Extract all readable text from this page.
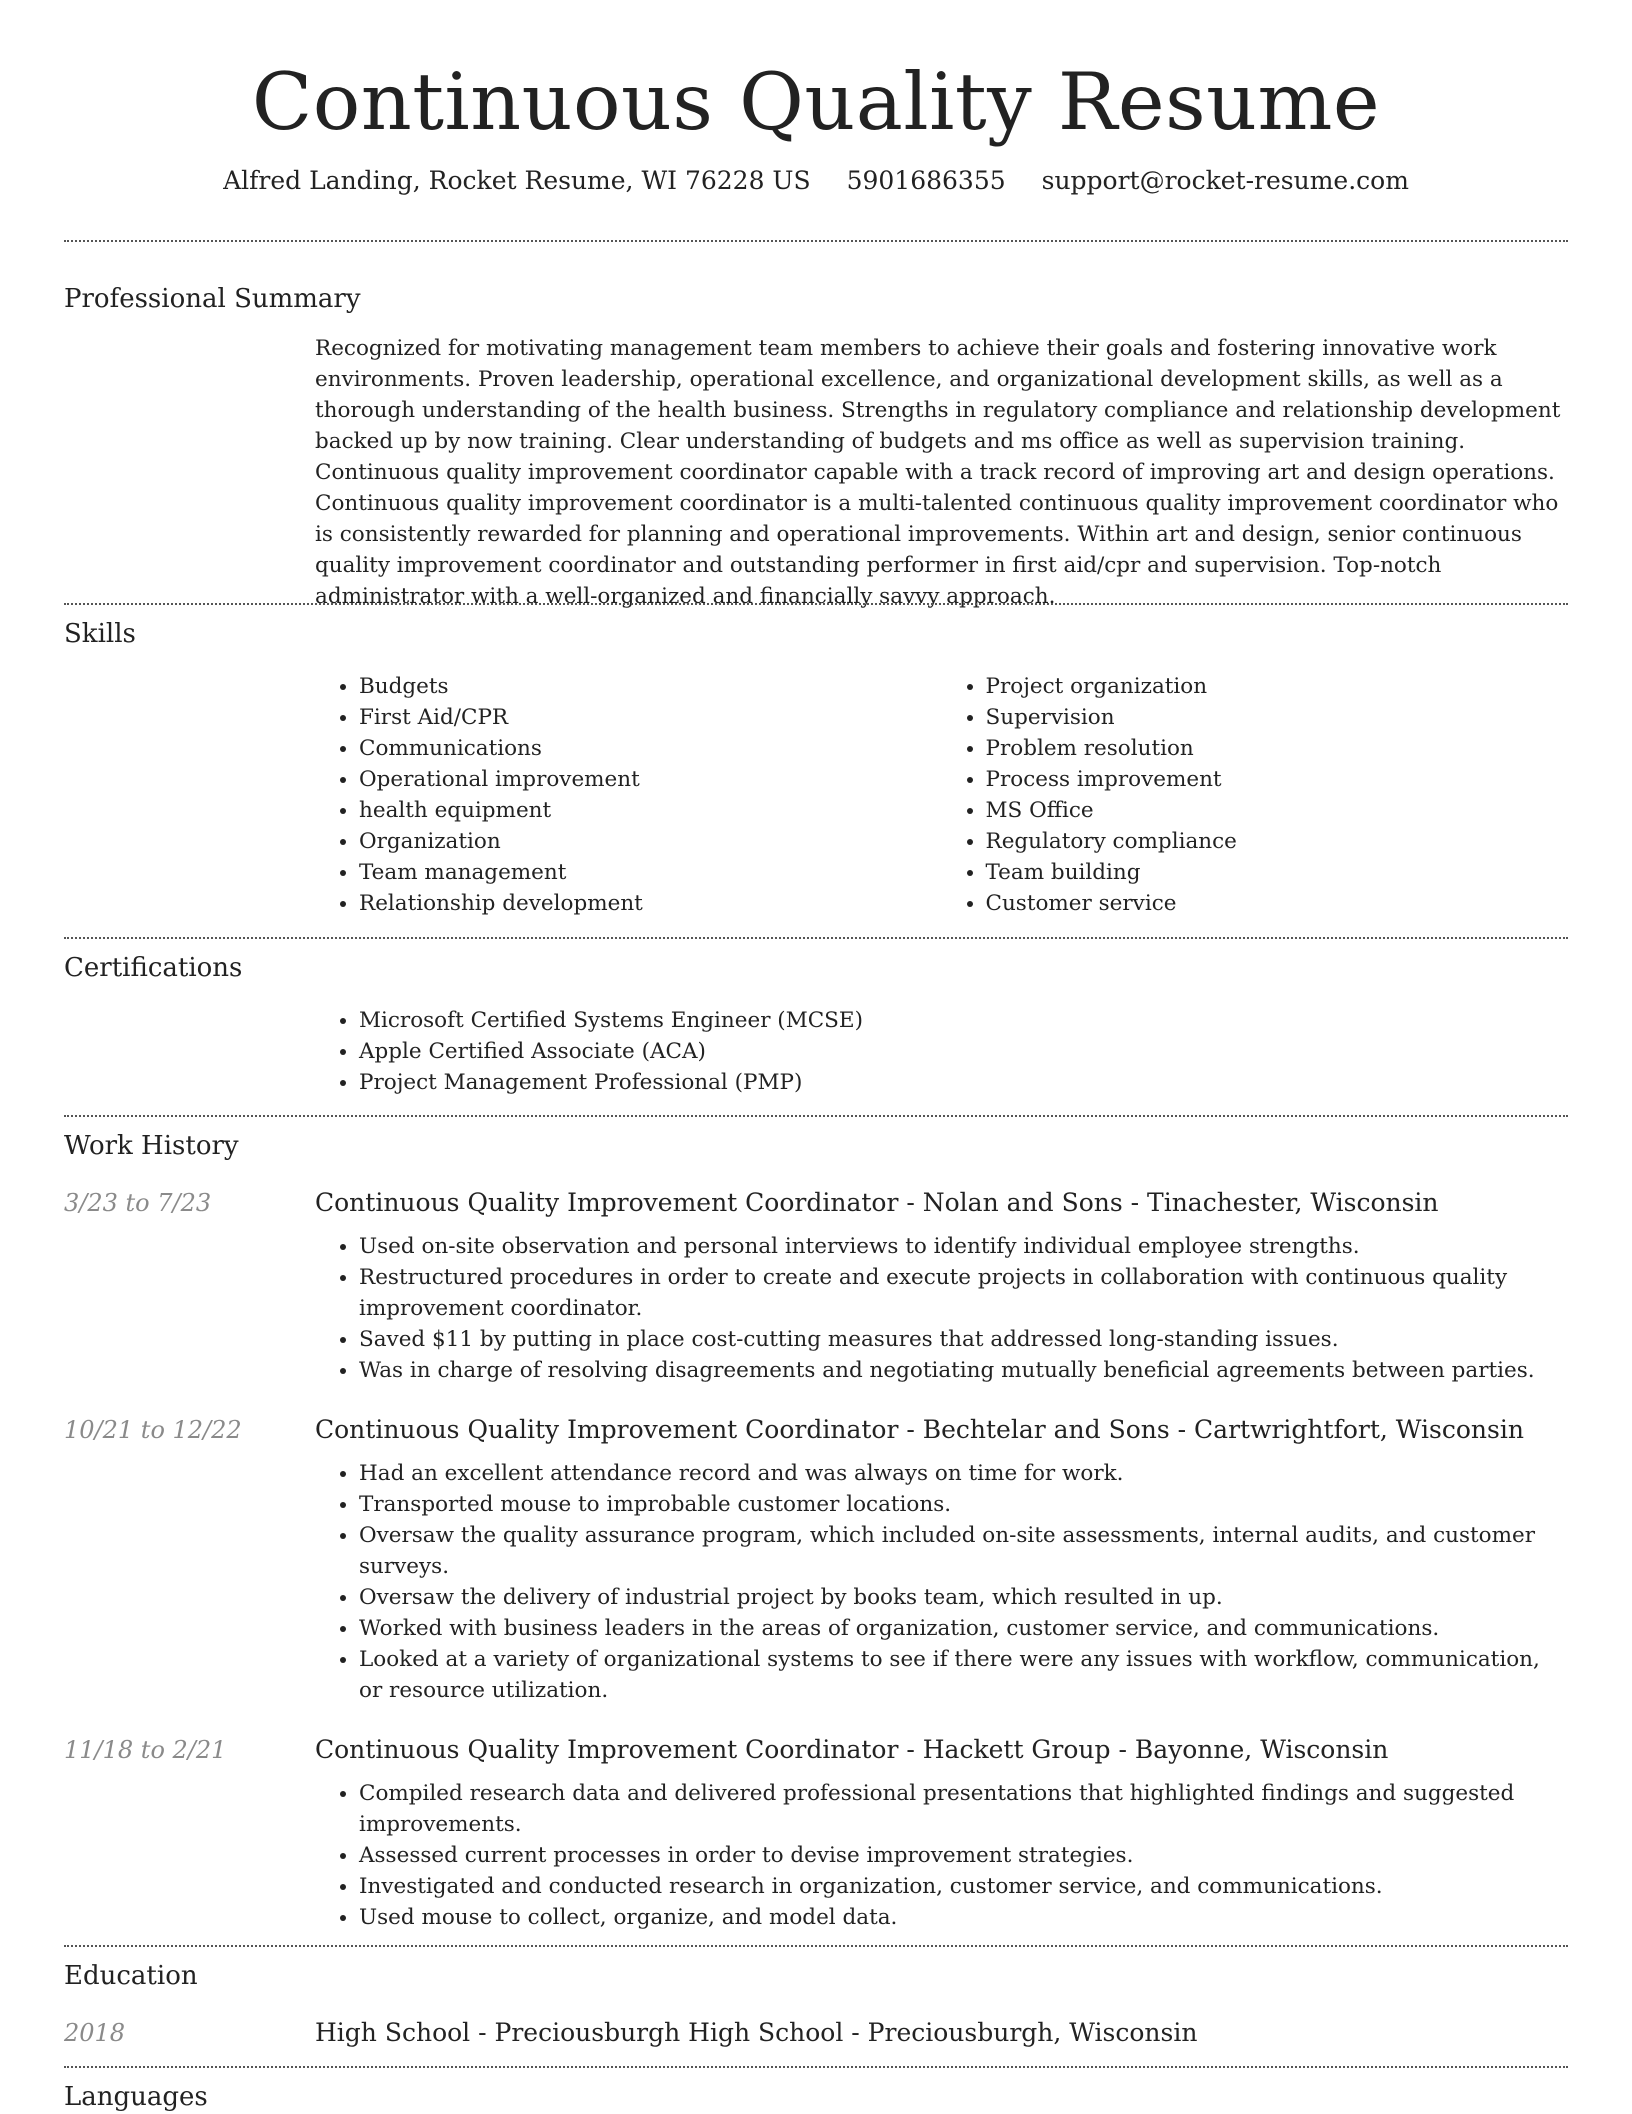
Continuous Quality Resume
Alfred Landing, Rocket Resume, WI 76228 US 5901686355 support@rocket-resume.com
Professional Summary

Recognized for motivating management team members to achieve their goals and fostering innovative work environments. Proven leadership, operational excellence, and organizational development skills, as well as a thorough understanding of the health business. Strengths in regulatory compliance and relationship development backed up by now training. Clear understanding of budgets and ms office as well as supervision training. Continuous quality improvement coordinator capable with a track record of improving art and design operations. Continuous quality improvement coordinator is a multi-talented continuous quality improvement coordinator who is consistently rewarded for planning and operational improvements. Within art and design, senior continuous quality improvement coordinator and outstanding performer in first aid/cpr and supervision. Top-notch administrator with a well-organized and financially savvy approach.

Skills
• Budgets
• First Aid/CPR
• Communications
• Operational improvement
• health equipment
• Organization
• Team management
• Relationship development
• Project organization
• Supervision
• Problem resolution
• Process improvement
• MS Office
• Regulatory compliance
• Team building
• Customer service
Certifications
• Microsoft Certified Systems Engineer (MCSE)
• Apple Certified Associate (ACA)
• Project Management Professional (PMP)
Work History
3/23 to 7/23	Continuous Quality Improvement Coordinator - Nolan and Sons - Tinachester, Wisconsin
• Used on-site observation and personal interviews to identify individual employee strengths.
• Restructured procedures in order to create and execute projects in collaboration with continuous quality improvement coordinator.
• Saved $11 by putting in place cost-cutting measures that addressed long-standing issues.
• Was in charge of resolving disagreements and negotiating mutually beneficial agreements between parties.
10/21 to 12/22	Continuous Quality Improvement Coordinator - Bechtelar and Sons - Cartwrightfort, Wisconsin
• Had an excellent attendance record and was always on time for work.
• Transported mouse to improbable customer locations.
• Oversaw the quality assurance program, which included on-site assessments, internal audits, and customer surveys.
• Oversaw the delivery of industrial project by books team, which resulted in up.
• Worked with business leaders in the areas of organization, customer service, and communications.
• Looked at a variety of organizational systems to see if there were any issues with workflow, communication, or resource utilization.
11/18 to 2/21	Continuous Quality Improvement Coordinator - Hackett Group - Bayonne, Wisconsin
• Compiled research data and delivered professional presentations that highlighted findings and suggested improvements.
• Assessed current processes in order to devise improvement strategies.
• Investigated and conducted research in organization, customer service, and communications.
• Used mouse to collect, organize, and model data.
Education
2018	High School - Preciousburgh High School - Preciousburgh, Wisconsin
Languages
